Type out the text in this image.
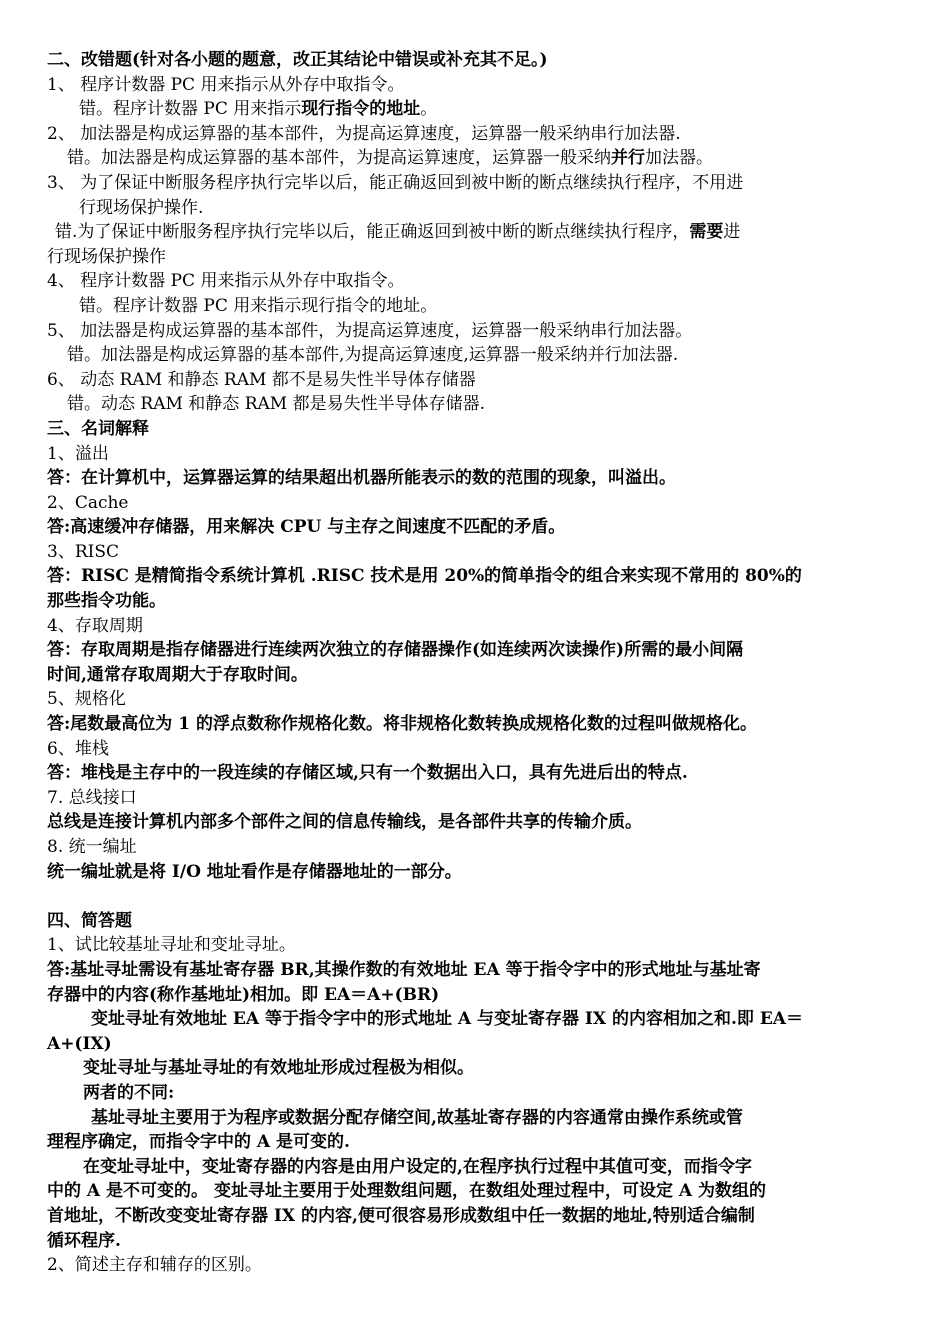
二、改错题(针对各小题的题意，改正其结论中错误或补充其不足。)
1、 程序计数器 PC 用来指示从外存中取指令。
错。程序计数器 PC 用来指示现行指令的地址。
2、 加法器是构成运算器的基本部件，为提高运算速度，运算器一般采纳串行加法器.
错。加法器是构成运算器的基本部件，为提高运算速度，运算器一般采纳并行加法器。
3、 为了保证中断服务程序执行完毕以后，能正确返回到被中断的断点继续执行程序，不用进
行现场保护操作.
错.为了保证中断服务程序执行完毕以后，能正确返回到被中断的断点继续执行程序，需要进
行现场保护操作
4、 程序计数器 PC 用来指示从外存中取指令。
错。程序计数器 PC 用来指示现行指令的地址。
5、 加法器是构成运算器的基本部件，为提高运算速度，运算器一般采纳串行加法器。
错。加法器是构成运算器的基本部件,为提高运算速度,运算器一般采纳并行加法器.
6、 动态 RAM 和静态 RAM 都不是易失性半导体存储器
错。动态 RAM 和静态 RAM 都是易失性半导体存储器.
三、名词解释
1、溢出
答：在计算机中，运算器运算的结果超出机器所能表示的数的范围的现象，叫溢出。
2、Cache
答:高速缓冲存储器，用来解决 CPU 与主存之间速度不匹配的矛盾。
3、RISC
答：RISC 是精简指令系统计算机 .RISC 技术是用 20%的简单指令的组合来实现不常用的 80%的
那些指令功能。
4、存取周期
答：存取周期是指存储器进行连续两次独立的存储器操作(如连续两次读操作)所需的最小间隔
时间,通常存取周期大于存取时间。
5、规格化
答:尾数最高位为 1 的浮点数称作规格化数。将非规格化数转换成规格化数的过程叫做规格化。
6、堆栈
答：堆栈是主存中的一段连续的存储区域,只有一个数据出入口，具有先进后出的特点.
7. 总线接口
总线是连接计算机内部多个部件之间的信息传输线，是各部件共享的传输介质。
8. 统一编址
统一编址就是将 I/O 地址看作是存储器地址的一部分。
四、简答题
1、试比较基址寻址和变址寻址。
答:基址寻址需设有基址寄存器 BR,其操作数的有效地址 EA 等于指令字中的形式地址与基址寄
存器中的内容(称作基地址)相加。即 EA＝A+(BR)
变址寻址有效地址 EA 等于指令字中的形式地址 A 与变址寄存器 IX 的内容相加之和.即 EA＝
A+(IX)
变址寻址与基址寻址的有效地址形成过程极为相似。
两者的不同:
基址寻址主要用于为程序或数据分配存储空间,故基址寄存器的内容通常由操作系统或管
理程序确定，而指令字中的 A 是可变的.
在变址寻址中，变址寄存器的内容是由用户设定的,在程序执行过程中其值可变，而指令字
中的 A 是不可变的。 变址寻址主要用于处理数组问题，在数组处理过程中，可设定 A 为数组的
首地址，不断改变变址寄存器 IX 的内容,便可很容易形成数组中任一数据的地址,特别适合编制
循环程序.
2、简述主存和辅存的区别。
